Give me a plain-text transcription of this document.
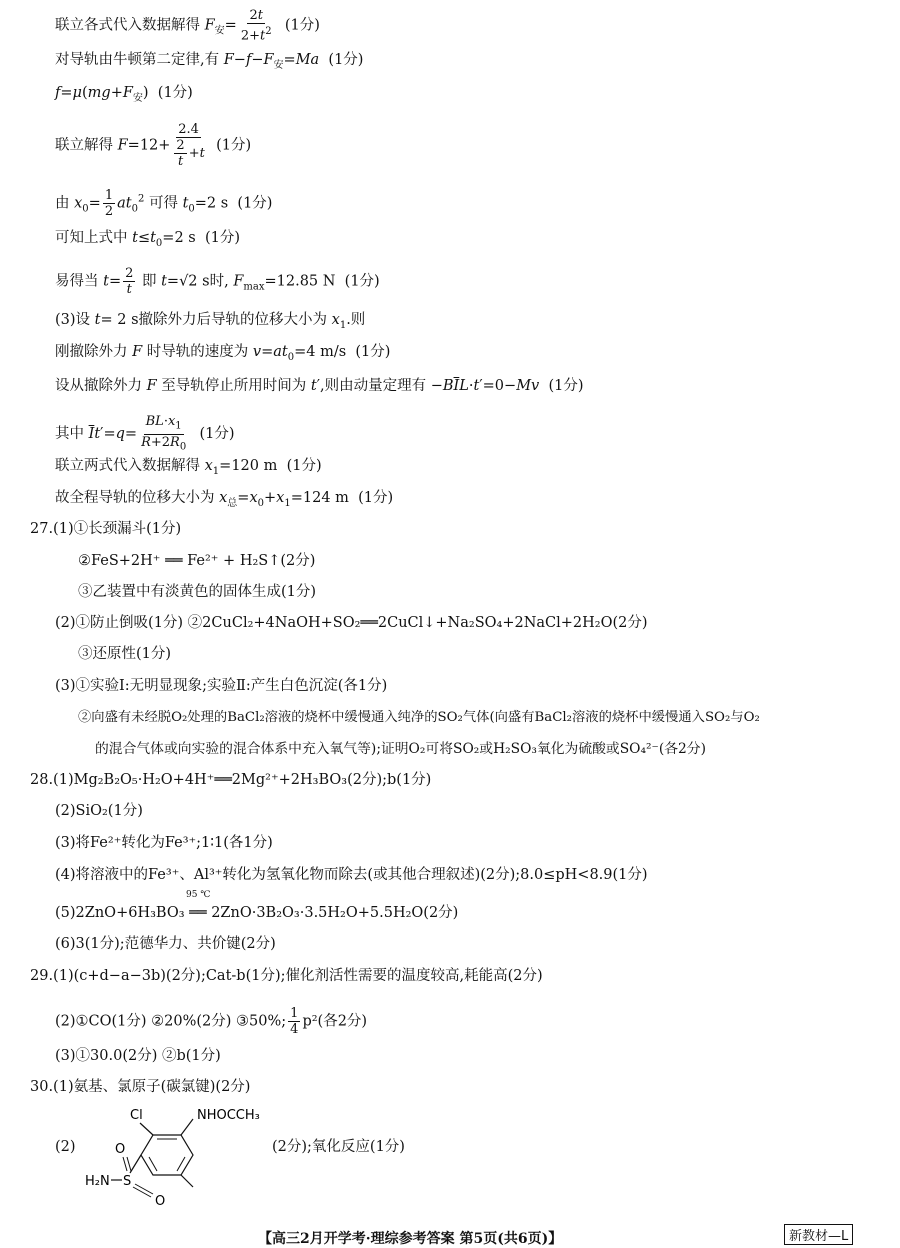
联立各式代入数据解得 $F_安= \frac{2t}{2+t^2} (1$分)
对导轨由牛顿第二定律,有 $F-f-F_安=Ma$ (1分)
$f=\mu(mg+F_安)$  (1分)
联立解得 $F=12+ \frac{2.4}{\frac{2}{t} +t} (1$分)
由 $x_0= \frac{1}{2} at_0^2$ 可得 $t_0=2$ s  (1分)
可知上式中 $t\le t_0=2$ s  (1分)
易得当 $t= \frac{2}{t}$ 即 t=√2 s时, $F_{max}=12.85$ N (1分)
(3)设 t= 2 s撤除外力后导轨的位移大小为 $x_1$.则
刚撤除外力 F 时导轨的速度为 $v=at_0=4$ m/s  (1分)
设从撤除外力 F 至导轨停止所用时间为 t′,则由动量定理有 $-B\overline{I}L\cdot t'=0-Mv$ (1分)
其中 $\overline{I}t'=q= \frac{BL\cdot x_1}{R+2R_0} (1$分)
联立两式代入数据解得 $x_1=120$ m  (1分)
故全程导轨的位移大小为 $x_总=x_0+x_1=124$ m  (1分)
27.(1)①长颈漏斗(1分)
②FeS+2H⁺ ══ Fe²⁺ + H₂S↑(2分)
③乙装置中有淡黄色的固体生成(1分)
(2)①防止倒吸(1分) ②2CuCl₂+4NaOH+SO₂══2CuCl↓+Na₂SO₄+2NaCl+2H₂O(2分)
③还原性(1分)
(3)①实验Ⅰ:无明显现象;实验Ⅱ:产生白色沉淀(各1分)
②向盛有未经脱O₂处理的BaCl₂溶液的烧杯中缓慢通入纯净的SO₂气体(向盛有BaCl₂溶液的烧杯中缓慢通入SO₂与O₂
的混合气体或向实验的混合体系中充入氧气等);证明O₂可将SO₂或H₂SO₃氧化为硫酸或SO₄²⁻(各2分)
28.(1)Mg₂B₂O₅·H₂O+4H⁺══2Mg²⁺+2H₃BO₃(2分);b(1分)
(2)SiO₂(1分)
(3)将Fe²⁺转化为Fe³⁺;1∶1(各1分)
(4)将溶液中的Fe³⁺、Al³⁺转化为氢氧化物而除去(或其他合理叙述)(2分);8.0≤pH<8.9(1分)
95 ℃
(5)2ZnO+6H₃BO₃ ══ 2ZnO·3B₂O₃·3.5H₂O+5.5H₂O(2分)
(6)3(1分);范德华力、共价键(2分)
29.(1)(c+d−a−3b)(2分);Cat-b(1分);催化剂活性需要的温度较高,耗能高(2分)
(2)①CO(1分) ②20%(2分) ③50%; $\frac{1}{4} p^2$(各2分)
(3)①30.0(2分) ②b(1分)
30.(1)氨基、氯原子(碳氯键)(2分)
(2)
Cl	NHOCCH₃
S
O
O
H₂N
(2分);氧化反应(1分)
【高三2月开学考·理综参考答案 第5页(共6页)】	新教材—L
